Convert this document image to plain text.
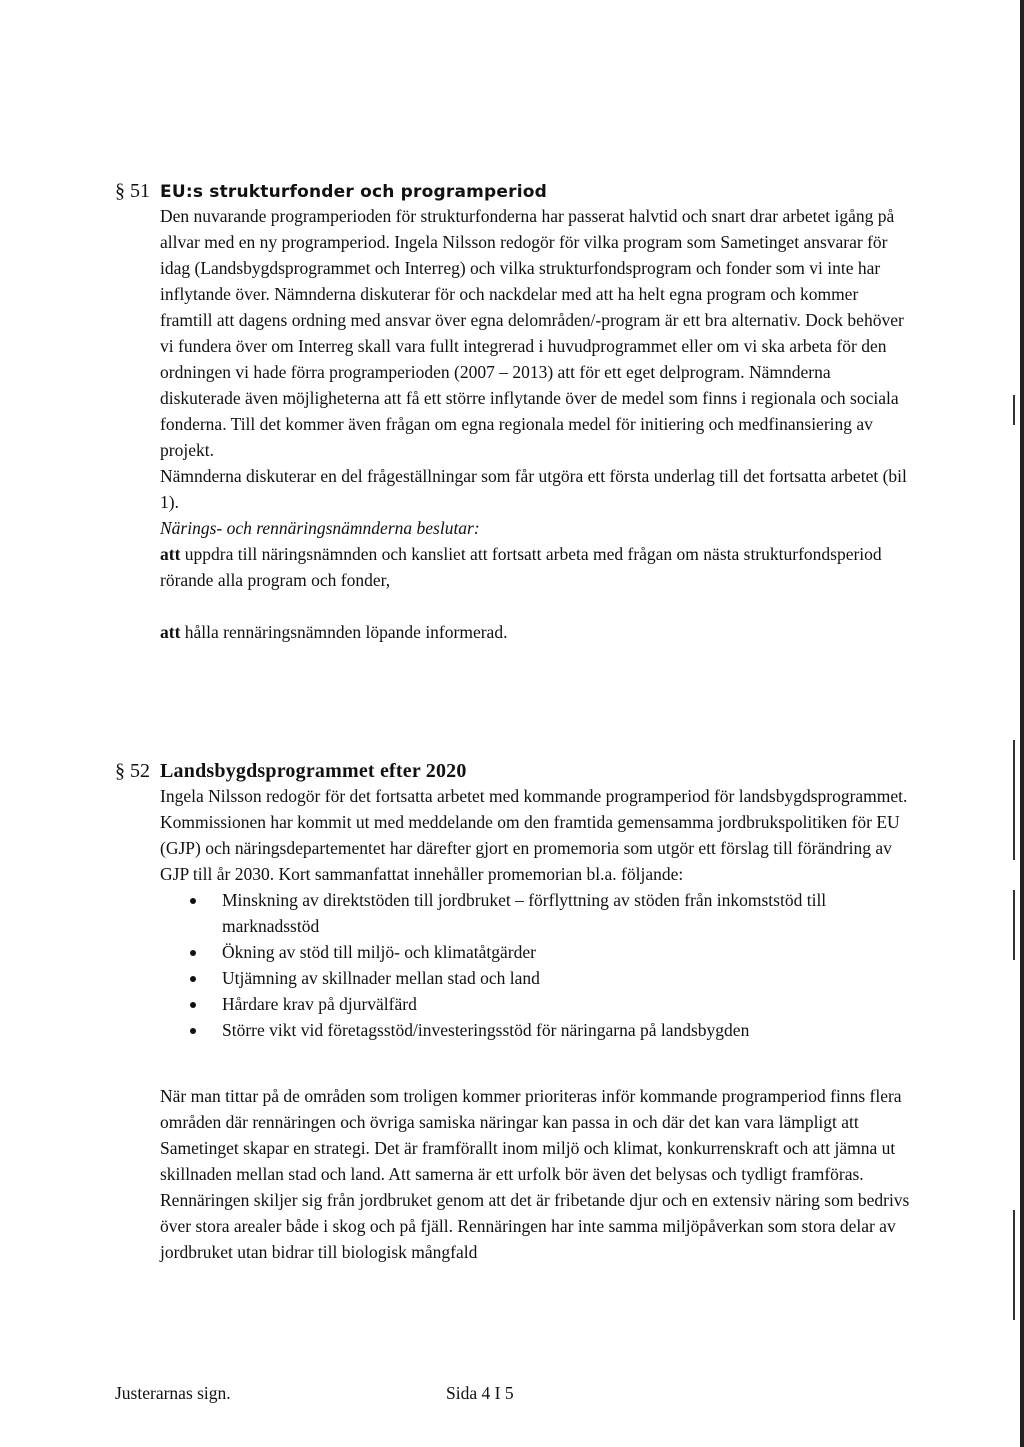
§ 51 EU:s strukturfonder och programperiod

Den nuvarande programperioden för strukturfonderna har passerat halvtid och snart drar arbetet igång på allvar med en ny programperiod. Ingela Nilsson redogör för vilka program som Sametinget ansvarar för idag (Landsbygdsprogrammet och Interreg) och vilka strukturfondsprogram och fonder som vi inte har inflytande över. Nämnderna diskuterar för och nackdelar med att ha helt egna program och kommer framtill att dagens ordning med ansvar över egna delområden/-program är ett bra alternativ. Dock behöver vi fundera över om Interreg skall vara fullt integrerad i huvudprogrammet eller om vi ska arbeta för den ordningen vi hade förra programperioden (2007 – 2013) att för ett eget delprogram. Nämnderna diskuterade även möjligheterna att få ett större inflytande över de medel som finns i regionala och sociala fonderna. Till det kommer även frågan om egna regionala medel för initiering och medfinansiering av projekt.

Nämnderna diskuterar en del frågeställningar som får utgöra ett första underlag till det fortsatta arbetet (bil 1).

Närings- och rennäringsnämnderna beslutar:

att uppdra till näringsnämnden och kansliet att fortsatt arbeta med frågan om nästa strukturfondsperiod rörande alla program och fonder,

att hålla rennäringsnämnden löpande informerad.

§ 52 Landsbygdsprogrammet efter 2020

Ingela Nilsson redogör för det fortsatta arbetet med kommande programperiod för landsbygdsprogrammet. Kommissionen har kommit ut med meddelande om den framtida gemensamma jordbrukspolitiken för EU (GJP) och näringsdepartementet har därefter gjort en promemoria som utgör ett förslag till förändring av GJP till år 2030. Kort sammanfattat innehåller promemorian bl.a. följande:

Minskning av direktstöden till jordbruket – förflyttning av stöden från inkomststöd till marknadsstöd
Ökning av stöd till miljö- och klimatåtgärder
Utjämning av skillnader mellan stad och land
Hårdare krav på djurvälfärd
Större vikt vid företagsstöd/investeringsstöd för näringarna på landsbygden

När man tittar på de områden som troligen kommer prioriteras inför kommande programperiod finns flera områden där rennäringen och övriga samiska näringar kan passa in och där det kan vara lämpligt att Sametinget skapar en strategi. Det är framförallt inom miljö och klimat, konkurrenskraft och att jämna ut skillnaden mellan stad och land. Att samerna är ett urfolk bör även det belysas och tydligt framföras.

Rennäringen skiljer sig från jordbruket genom att det är fribetande djur och en extensiv näring som bedrivs över stora arealer både i skog och på fjäll. Rennäringen har inte samma miljöpåverkan som stora delar av jordbruket utan bidrar till biologisk mångfald

Justerarnas sign.	Sida 4 I 5
